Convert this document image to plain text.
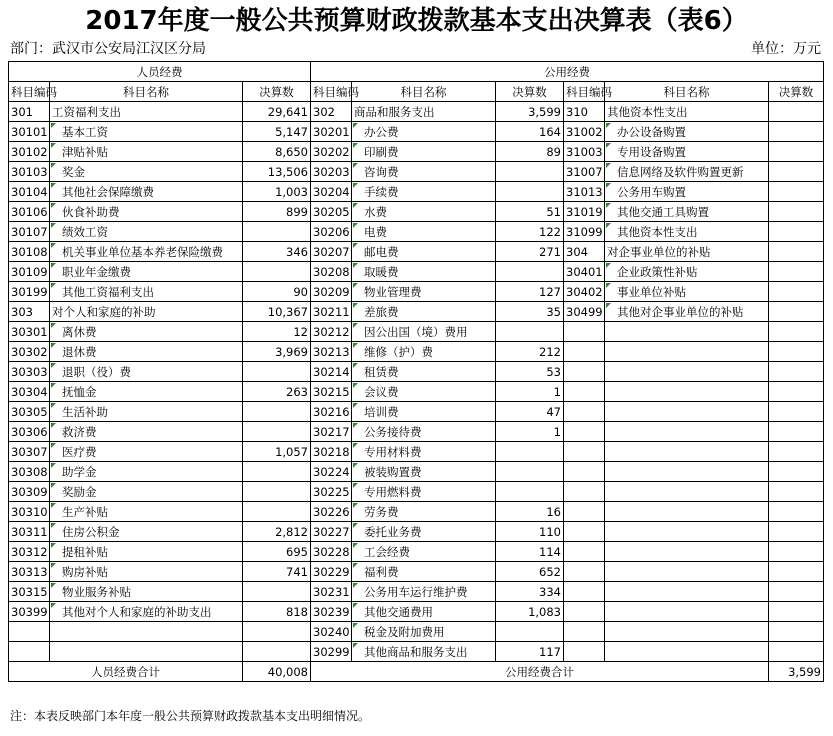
2017年度一般公共预算财政拨款基本支出决算表（表6）
部门：武汉市公安局江汉区分局	单位：万元
人员经费			公用经费					
科目编码	科目名称	决算数	科目编码	科目名称	决算数	科目编码	科目名称	决算数
301	工资福利支出	29,641	302	商品和服务支出	3,599	310	其他资本性支出	
30101	基本工资	5,147	30201	办公费	164	31002	办公设备购置	
30102	津贴补贴	8,650	30202	印刷费	89	31003	专用设备购置	
30103	奖金	13,506	30203	咨询费		31007	信息网络及软件购置更新	
30104	其他社会保障缴费	1,003	30204	手续费		31013	公务用车购置	
30106	伙食补助费	899	30205	水费	51	31019	其他交通工具购置	
30107	绩效工资		30206	电费	122	31099	其他资本性支出	
30108	机关事业单位基本养老保险缴费	346	30207	邮电费	271	304	对企事业单位的补贴	
30109	职业年金缴费		30208	取暖费		30401	企业政策性补贴	
30199	其他工资福利支出	90	30209	物业管理费	127	30402	事业单位补贴	
303	对个人和家庭的补助	10,367	30211	差旅费	35	30499	其他对企事业单位的补贴	
30301	离休费	12	30212	因公出国（境）费用				
30302	退休费	3,969	30213	维修（护）费	212			
30303	退职（役）费		30214	租赁费	53			
30304	抚恤金	263	30215	会议费	1			
30305	生活补助		30216	培训费	47			
30306	救济费		30217	公务接待费	1			
30307	医疗费	1,057	30218	专用材料费				
30308	助学金		30224	被装购置费				
30309	奖励金		30225	专用燃料费				
30310	生产补贴		30226	劳务费	16			
30311	住房公积金	2,812	30227	委托业务费	110			
30312	提租补贴	695	30228	工会经费	114			
30313	购房补贴	741	30229	福利费	652			
30315	物业服务补贴		30231	公务用车运行维护费	334			
30399	其他对个人和家庭的补助支出	818	30239	其他交通费用	1,083			
			30240	税金及附加费用				
			30299	其他商品和服务支出	117			
人员经费合计		40,008	公用经费合计					3,599
注：本表反映部门本年度一般公共预算财政拨款基本支出明细情况。
